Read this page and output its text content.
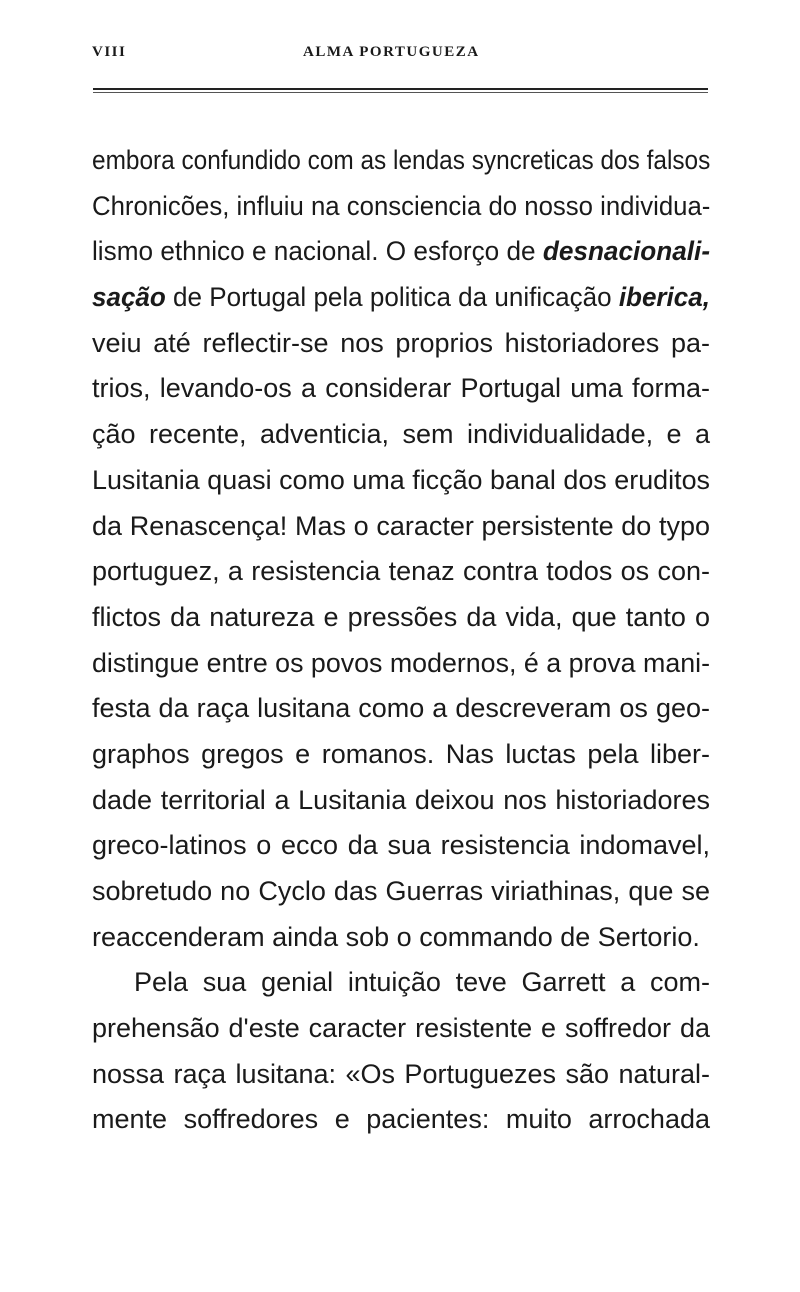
VIII	ALMA PORTUGUEZA
embora confundido com as lendas syncreticas dos falsos
Chronicões, influiu na consciencia do nosso individua-
lismo ethnico e nacional. O esforço de desnacionali-
sação de Portugal pela politica da unificação iberica,
veiu até reflectir-se nos proprios historiadores pa-
trios, levando-os a considerar Portugal uma forma-
ção recente, adventicia, sem individualidade, e a
Lusitania quasi como uma ficção banal dos eruditos
da Renascença! Mas o caracter persistente do typo
portuguez, a resistencia tenaz contra todos os con-
flictos da natureza e pressões da vida, que tanto o
distingue entre os povos modernos, é a prova mani-
festa da raça lusitana como a descreveram os geo-
graphos gregos e romanos. Nas luctas pela liber-
dade territorial a Lusitania deixou nos historiadores
greco-latinos o ecco da sua resistencia indomavel,
sobretudo no Cyclo das Guerras viriathinas, que se
reaccenderam ainda sob o commando de Sertorio.
Pela sua genial intuição teve Garrett a com-
prehensão d'este caracter resistente e soffredor da
nossa raça lusitana: «Os Portuguezes são natural-
mente soffredores e pacientes: muito arrochada
